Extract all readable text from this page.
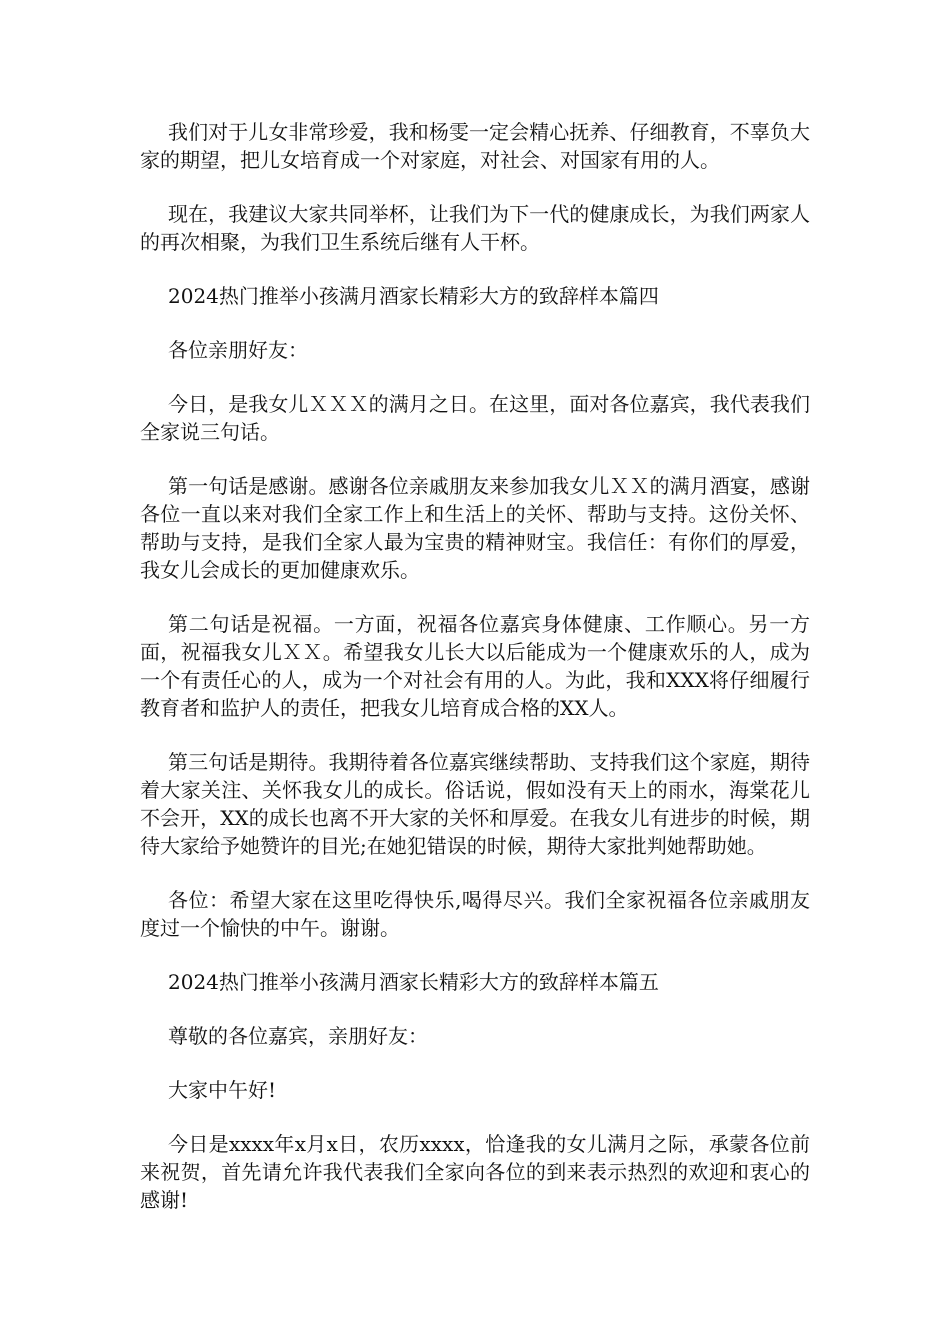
我们对于儿女非常珍爱，我和杨雯一定会精心抚养、仔细教育，不辜负大家的期望，把儿女培育成一个对家庭，对社会、对国家有用的人。

现在，我建议大家共同举杯，让我们为下一代的健康成长，为我们两家人的再次相聚，为我们卫生系统后继有人干杯。

2024热门推举小孩满月酒家长精彩大方的致辞样本篇四

各位亲朋好友：

今日，是我女儿ＸＸＸ的满月之日。在这里，面对各位嘉宾，我代表我们全家说三句话。

第一句话是感谢。感谢各位亲戚朋友来参加我女儿ＸＸ的满月酒宴，感谢各位一直以来对我们全家工作上和生活上的关怀、帮助与支持。这份关怀、帮助与支持，是我们全家人最为宝贵的精神财宝。我信任：有你们的厚爱，我女儿会成长的更加健康欢乐。

第二句话是祝福。一方面，祝福各位嘉宾身体健康、工作顺心。另一方面，祝福我女儿ＸＸ。希望我女儿长大以后能成为一个健康欢乐的人，成为一个有责任心的人，成为一个对社会有用的人。为此，我和XXX将仔细履行教育者和监护人的责任，把我女儿培育成合格的XX人。

第三句话是期待。我期待着各位嘉宾继续帮助、支持我们这个家庭，期待着大家关注、关怀我女儿的成长。俗话说，假如没有天上的雨水，海棠花儿不会开，XX的成长也离不开大家的关怀和厚爱。在我女儿有进步的时候，期待大家给予她赞许的目光;在她犯错误的时候，期待大家批判她帮助她。

各位：希望大家在这里吃得快乐,喝得尽兴。我们全家祝福各位亲戚朋友度过一个愉快的中午。谢谢。

2024热门推举小孩满月酒家长精彩大方的致辞样本篇五

尊敬的各位嘉宾，亲朋好友：

大家中午好!

今日是xxxx年x月x日，农历xxxx，恰逢我的女儿满月之际，承蒙各位前来祝贺，首先请允许我代表我们全家向各位的到来表示热烈的欢迎和衷心的感谢!
